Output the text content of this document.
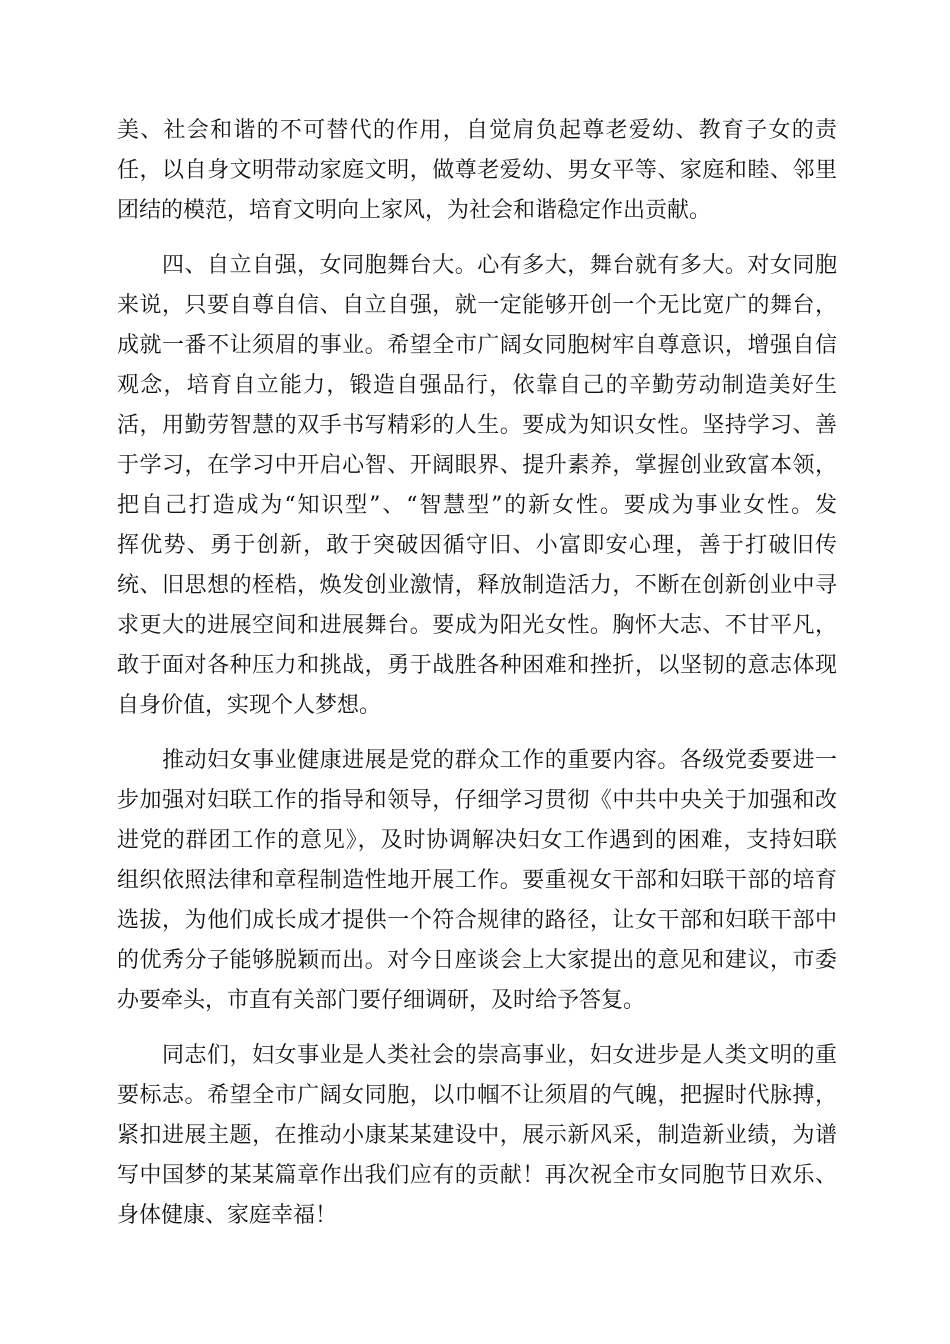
美、社会和谐的不可替代的作用，自觉肩负起尊老爱幼、教育子女的责
任，以自身文明带动家庭文明，做尊老爱幼、男女平等、家庭和睦、邻里
团结的模范，培育文明向上家风，为社会和谐稳定作出贡献。
四、自立自强，女同胞舞台大。心有多大，舞台就有多大。对女同胞
来说，只要自尊自信、自立自强，就一定能够开创一个无比宽广的舞台，
成就一番不让须眉的事业。希望全市广阔女同胞树牢自尊意识，增强自信
观念，培育自立能力，锻造自强品行，依靠自己的辛勤劳动制造美好生
活，用勤劳智慧的双手书写精彩的人生。要成为知识女性。坚持学习、善
于学习，在学习中开启心智、开阔眼界、提升素养，掌握创业致富本领，
把自己打造成为“知识型”、“智慧型”的新女性。要成为事业女性。发
挥优势、勇于创新，敢于突破因循守旧、小富即安心理，善于打破旧传
统、旧思想的桎梏，焕发创业激情，释放制造活力，不断在创新创业中寻
求更大的进展空间和进展舞台。要成为阳光女性。胸怀大志、不甘平凡，
敢于面对各种压力和挑战，勇于战胜各种困难和挫折，以坚韧的意志体现
自身价值，实现个人梦想。
推动妇女事业健康进展是党的群众工作的重要内容。各级党委要进一
步加强对妇联工作的指导和领导，仔细学习贯彻《中共中央关于加强和改
进党的群团工作的意见》，及时协调解决妇女工作遇到的困难，支持妇联
组织依照法律和章程制造性地开展工作。要重视女干部和妇联干部的培育
选拔，为他们成长成才提供一个符合规律的路径，让女干部和妇联干部中
的优秀分子能够脱颖而出。对今日座谈会上大家提出的意见和建议，市委
办要牵头，市直有关部门要仔细调研，及时给予答复。
同志们，妇女事业是人类社会的崇高事业，妇女进步是人类文明的重
要标志。希望全市广阔女同胞，以巾帼不让须眉的气魄，把握时代脉搏，
紧扣进展主题，在推动小康某某建设中，展示新风采，制造新业绩，为谱
写中国梦的某某篇章作出我们应有的贡献！再次祝全市女同胞节日欢乐、
身体健康、家庭幸福！
